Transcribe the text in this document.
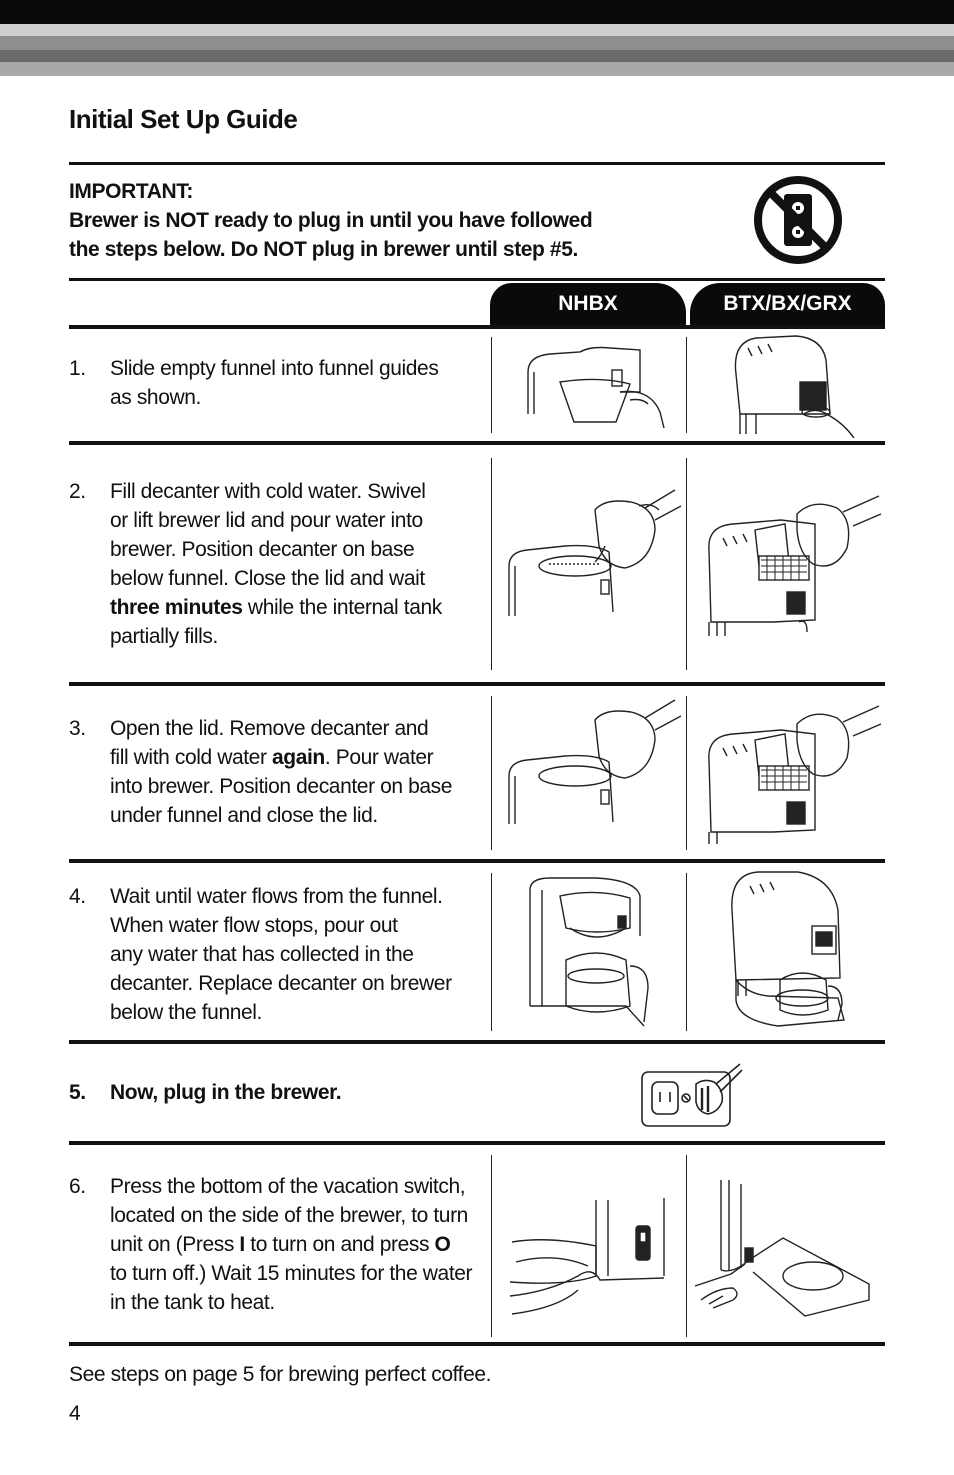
Initial Set Up Guide
IMPORTANT:
Brewer is NOT ready to plug in until you have followed
the steps below. Do NOT plug in brewer until step #5.
NHBX	BTX/BX/GRX
1. Slide empty funnel into funnel guides
as shown.
2. Fill decanter with cold water. Swivel
or lift brewer lid and pour water into
brewer. Position decanter on base
below funnel. Close the lid and wait
three minutes while the internal tank
partially fills.
3. Open the lid. Remove decanter and
fill with cold water again. Pour water
into brewer. Position decanter on base
under funnel and close the lid.
4. Wait until water flows from the funnel.
When water flow stops, pour out
any water that has collected in the
decanter. Replace decanter on brewer
below the funnel.
5. Now, plug in the brewer.
6. Press the bottom of the vacation switch,
located on the side of the brewer, to turn
unit on (Press I to turn on and press O
to turn off.) Wait 15 minutes for the water
in the tank to heat.
See steps on page 5 for brewing perfect coffee.
4
